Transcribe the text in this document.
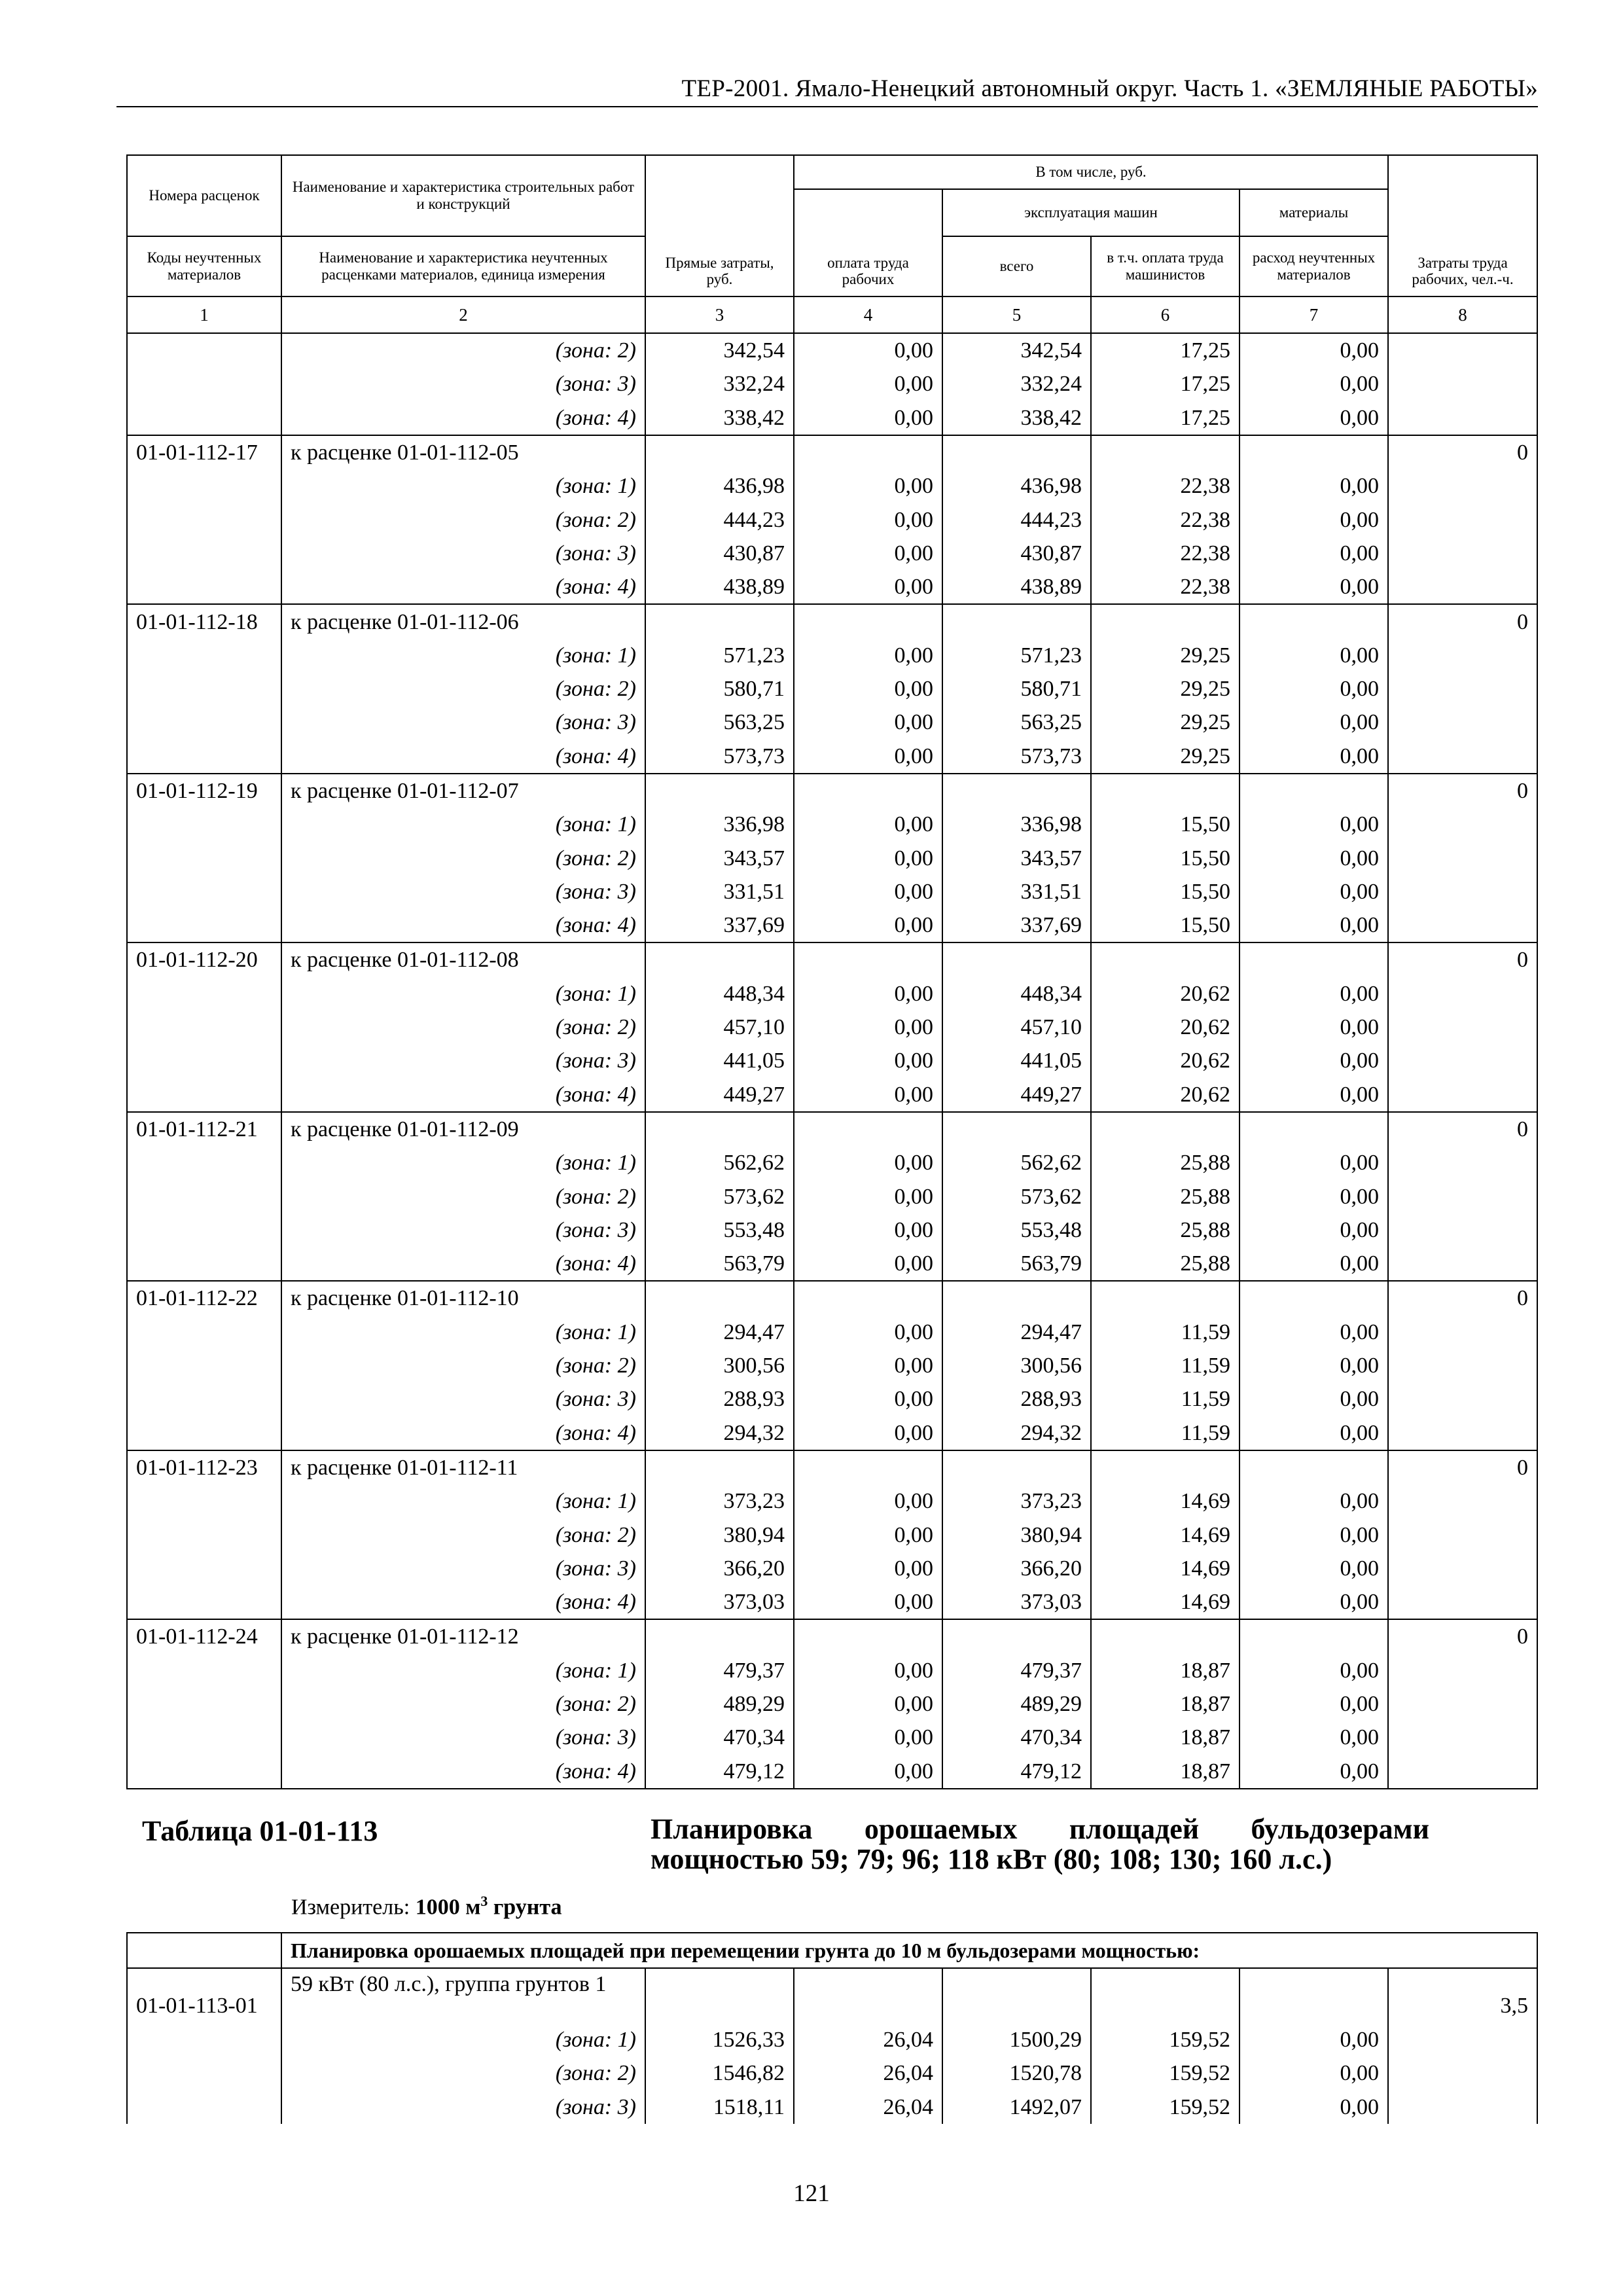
ТЕР-2001. Ямало-Ненецкий автономный округ. Часть 1. «ЗЕМЛЯНЫЕ РАБОТЫ»
Номера расценок	Наименование и характеристика строительных работ и конструкций	Прямые затраты, руб.	В том числе, руб.				Затраты труда рабочих, чел.-ч.
			оплата труда рабочих	эксплуатация машин		материалы	
Коды неучтенных материалов	Наименование и характеристика неучтенных расценками материалов, единица измерения			всего	в т.ч. оплата труда машинистов	расход неучтенных материалов	
1	2	3	4	5	6	7	8
	(зона: 2)	342,54	0,00	342,54	17,25	0,00	
	(зона: 3)	332,24	0,00	332,24	17,25	0,00	
	(зона: 4)	338,42	0,00	338,42	17,25	0,00	
01-01-112-17	к расценке 01-01-112-05						0
	(зона: 1)	436,98	0,00	436,98	22,38	0,00	
	(зона: 2)	444,23	0,00	444,23	22,38	0,00	
	(зона: 3)	430,87	0,00	430,87	22,38	0,00	
	(зона: 4)	438,89	0,00	438,89	22,38	0,00	
01-01-112-18	к расценке 01-01-112-06						0
	(зона: 1)	571,23	0,00	571,23	29,25	0,00	
	(зона: 2)	580,71	0,00	580,71	29,25	0,00	
	(зона: 3)	563,25	0,00	563,25	29,25	0,00	
	(зона: 4)	573,73	0,00	573,73	29,25	0,00	
01-01-112-19	к расценке 01-01-112-07						0
	(зона: 1)	336,98	0,00	336,98	15,50	0,00	
	(зона: 2)	343,57	0,00	343,57	15,50	0,00	
	(зона: 3)	331,51	0,00	331,51	15,50	0,00	
	(зона: 4)	337,69	0,00	337,69	15,50	0,00	
01-01-112-20	к расценке 01-01-112-08						0
	(зона: 1)	448,34	0,00	448,34	20,62	0,00	
	(зона: 2)	457,10	0,00	457,10	20,62	0,00	
	(зона: 3)	441,05	0,00	441,05	20,62	0,00	
	(зона: 4)	449,27	0,00	449,27	20,62	0,00	
01-01-112-21	к расценке 01-01-112-09						0
	(зона: 1)	562,62	0,00	562,62	25,88	0,00	
	(зона: 2)	573,62	0,00	573,62	25,88	0,00	
	(зона: 3)	553,48	0,00	553,48	25,88	0,00	
	(зона: 4)	563,79	0,00	563,79	25,88	0,00	
01-01-112-22	к расценке 01-01-112-10						0
	(зона: 1)	294,47	0,00	294,47	11,59	0,00	
	(зона: 2)	300,56	0,00	300,56	11,59	0,00	
	(зона: 3)	288,93	0,00	288,93	11,59	0,00	
	(зона: 4)	294,32	0,00	294,32	11,59	0,00	
01-01-112-23	к расценке 01-01-112-11						0
	(зона: 1)	373,23	0,00	373,23	14,69	0,00	
	(зона: 2)	380,94	0,00	380,94	14,69	0,00	
	(зона: 3)	366,20	0,00	366,20	14,69	0,00	
	(зона: 4)	373,03	0,00	373,03	14,69	0,00	
01-01-112-24	к расценке 01-01-112-12						0
	(зона: 1)	479,37	0,00	479,37	18,87	0,00	
	(зона: 2)	489,29	0,00	489,29	18,87	0,00	
	(зона: 3)	470,34	0,00	470,34	18,87	0,00	
	(зона: 4)	479,12	0,00	479,12	18,87	0,00	

Таблица 01-01-113 Планировка орошаемых площадей бульдозерами мощностью 59; 79; 96; 118 кВт (80; 108; 130; 160 л.с.)
Измеритель: 1000 $м^3$ грунта							

	Планировка орошаемых площадей при перемещении грунта до 10 м бульдозерами мощностью:						
01-01-113-01	59 кВт (80 л.с.), группа грунтов 1						3,5
	(зона: 1)	1526,33	26,04	1500,29	159,52	0,00	
	(зона: 2)	1546,82	26,04	1520,78	159,52	0,00	
	(зона: 3)	1518,11	26,04	1492,07	159,52	0,00	
121
